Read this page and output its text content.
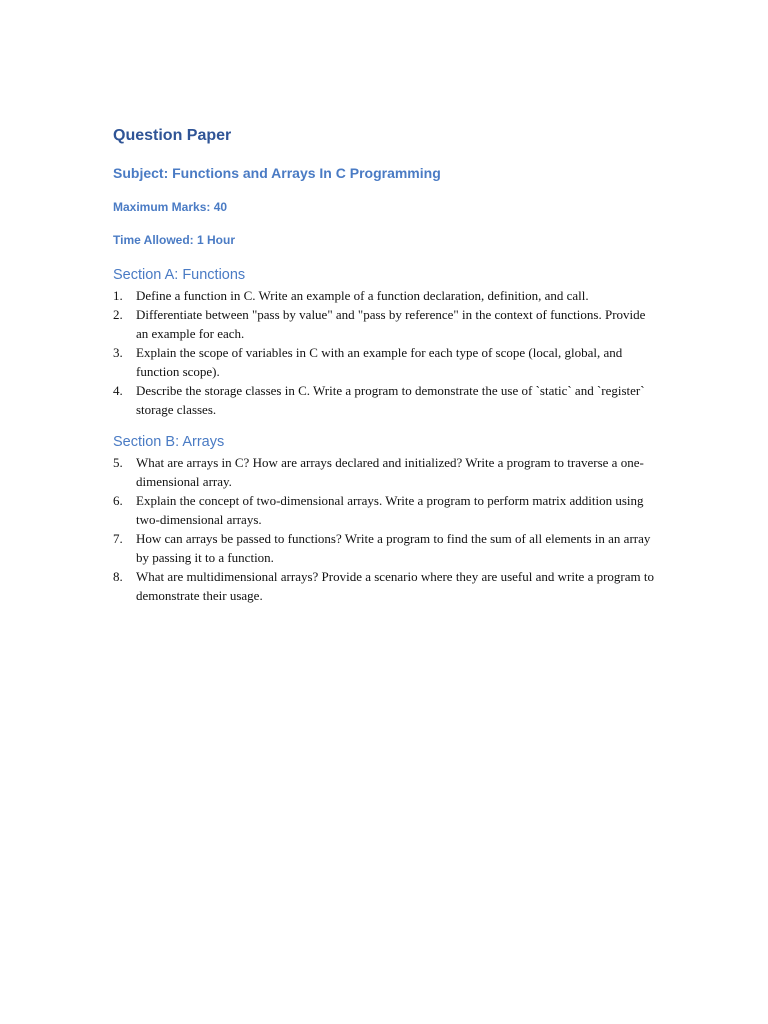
Question Paper
Subject: Functions and Arrays In C Programming
Maximum Marks: 40
Time Allowed: 1 Hour
Section A: Functions
1. Define a function in C. Write an example of a function declaration, definition, and call.
2. Differentiate between "pass by value" and "pass by reference" in the context of functions. Provide an example for each.
3. Explain the scope of variables in C with an example for each type of scope (local, global, and function scope).
4. Describe the storage classes in C. Write a program to demonstrate the use of `static` and `register` storage classes.
Section B: Arrays
5. What are arrays in C? How are arrays declared and initialized? Write a program to traverse a one-dimensional array.
6. Explain the concept of two-dimensional arrays. Write a program to perform matrix addition using two-dimensional arrays.
7. How can arrays be passed to functions? Write a program to find the sum of all elements in an array by passing it to a function.
8. What are multidimensional arrays? Provide a scenario where they are useful and write a program to demonstrate their usage.
